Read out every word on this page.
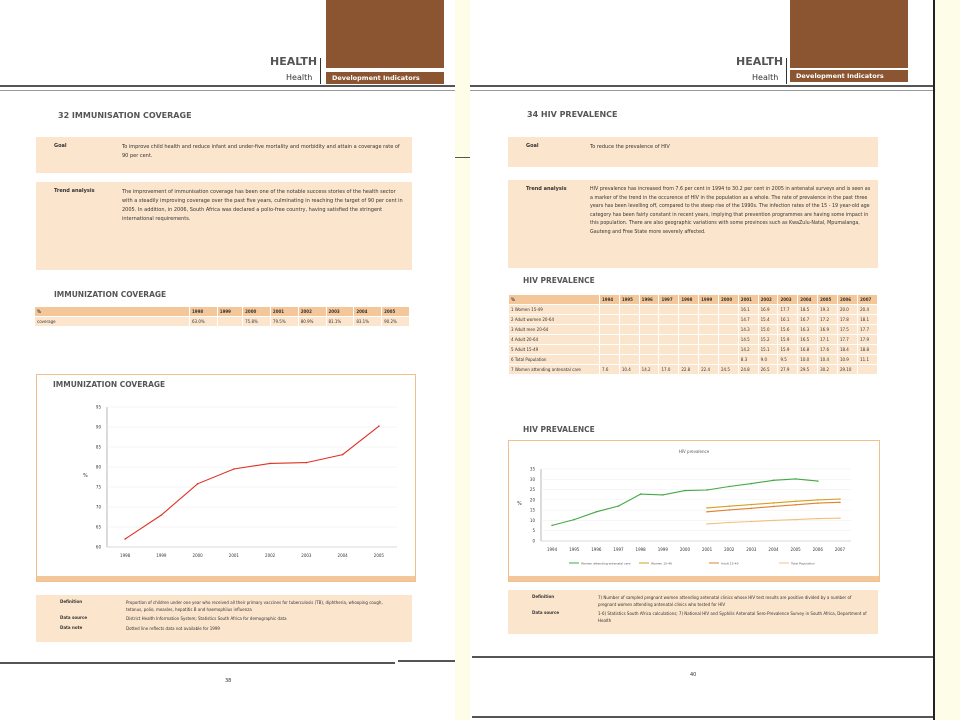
HEALTH
Health	Development Indicators
32 IMMUNISATION COVERAGE
Goal	To improve child health and reduce infant and under-five mortality and morbidity and attain a coverage rate of 90 per cent.
Trend analysis	The improvement of immunisation coverage has been one of the notable success stories of the health sector with a steadily improving coverage over the past five years, culminating in reaching the target of 90 per cent in 2005. In addition, in 2006, South Africa was declared a polio-free country, having satisfied the stringent international requirements.
IMMUNIZATION COVERAGE
%	1998	1999	2000	2001	2002	2003	2004	2005
coverage	63.0%		75.8%	79.5%	80.9%	81.1%	83.1%	90.2%
IMMUNIZATION COVERAGE
95
90
85
80
75
70
65
60
1998	1999	2000	2001	2002	2003	2004	2005
%
Definition	Proportion of children under one year who received all their primary vaccines for tuberculosis (TB), diphtheria, whooping cough, tetanus, polio, measles, hepatitis B and haemophilus influenza
Data source	District Health Information System; Statistics South Africa for demographic data
Data note	Dotted line reflects data not available for 1999
38
HEALTH
Health	Development Indicators
34 HIV PREVALENCE
Goal	To reduce the prevalence of HIV
Trend analysis	HIV prevalence has increased from 7.6 per cent in 1994 to 30.2 per cent in 2005 in antenatal surveys and is seen as a marker of the trend in the occurence of HIV in the population as a whole. The rate of prevalence in the past three years has been levelling off, compared to the steep rise of the 1990s. The infection rates of the 15 - 19 year-old age category has been fairly constant in recent years, implying that prevention programmes are having some impact in this population. There are also geographic variations with some provinces such as KwaZulu-Natal, Mpumalanga, Gauteng and Free State more severely affected.
HIV PREVALENCE
%	1994	1995	1996	1997	1998	1999	2000	2001	2002	2003	2004	2005	2006	2007
1 Women 15-49								16.1	16.9	17.7	18.5	19.3	20.0	20.4
2 Adult women 20-64								14.7	15.4	16.1	16.7	17.2	17.8	18.1
3 Adult men 20-64								14.3	15.0	15.6	16.3	16.9	17.5	17.7
4 Adult 20-64								14.5	15.2	15.9	16.5	17.1	17.7	17.9
5 Adult 15-49								14.2	15.1	15.9	16.8	17.6	18.4	18.8
6 Total Population								8.3	9.0	9.5	10.0	10.4	10.9	11.1
7 Women attending antenatal care	7.6	10.4	14.2	17.0	22.8	22.4	24.5	24.8	26.5	27.9	29.5	30.2	29.10	
HIV PREVALENCE
35
30
25
20
15
10
5
0
1994	1995	1996	1997	1998	1999	2000	2001	2002	2003	2004	2005	2006	2007
%
HIV prevalence
Women attending antenatal care	Women 15-49	Adult 15-49	Total Population
Definition	7) Number of sampled pregnant women attending antenatal clinics whose HIV test results are positive divided by a number of pregnant women attending antenatal clinics who tested for HIV
Data source	1-6) Statistics South Africa calculations; 7) National HIV and Syphilis Antenatal Sero-Prevalence Survey in South Africa, Department of Health
40
